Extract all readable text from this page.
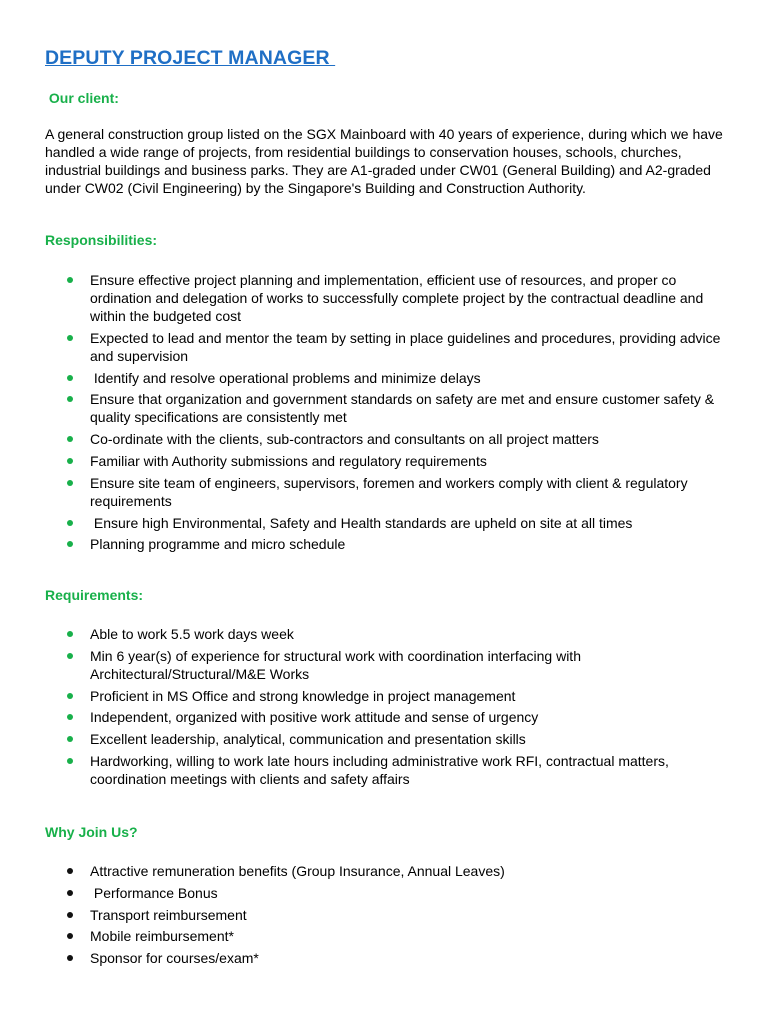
DEPUTY PROJECT MANAGER
Our client:

A general construction group listed on the SGX Mainboard with 40 years of experience, during which we have handled a wide range of projects, from residential buildings to conservation houses, schools, churches, industrial buildings and business parks. They are A1-graded under CW01 (General Building) and A2-graded under CW02 (Civil Engineering) by the Singapore's Building and Construction Authority.

Responsibilities:
Ensure effective project planning and implementation, efficient use of resources, and proper co   ordination and delegation of works to successfully complete project by the contractual deadline and within the budgeted cost
Expected to lead and mentor the team by setting in place guidelines and procedures, providing advice and supervision
Identify and resolve operational problems and minimize delays
Ensure that organization and government standards on safety are met and ensure customer safety & quality specifications are consistently met
Co-ordinate with the clients, sub-contractors and consultants on all project matters
Familiar with Authority submissions and regulatory requirements
Ensure site team of engineers, supervisors, foremen and workers comply with client & regulatory requirements
Ensure high Environmental, Safety and Health standards are upheld on site at all times
Planning programme and micro schedule
Requirements:
Able to work 5.5 work days week
Min 6 year(s) of experience for structural work with coordination interfacing with Architectural/Structural/M&E Works
Proficient in MS Office and strong knowledge in project management
Independent, organized with positive work attitude and sense of urgency
Excellent leadership, analytical, communication and presentation skills
Hardworking, willing to work late hours including administrative work RFI, contractual matters, coordination meetings with clients and safety affairs
Why Join Us?
Attractive remuneration benefits (Group Insurance, Annual Leaves)
Performance Bonus
Transport reimbursement
Mobile reimbursement*
Sponsor for courses/exam*
